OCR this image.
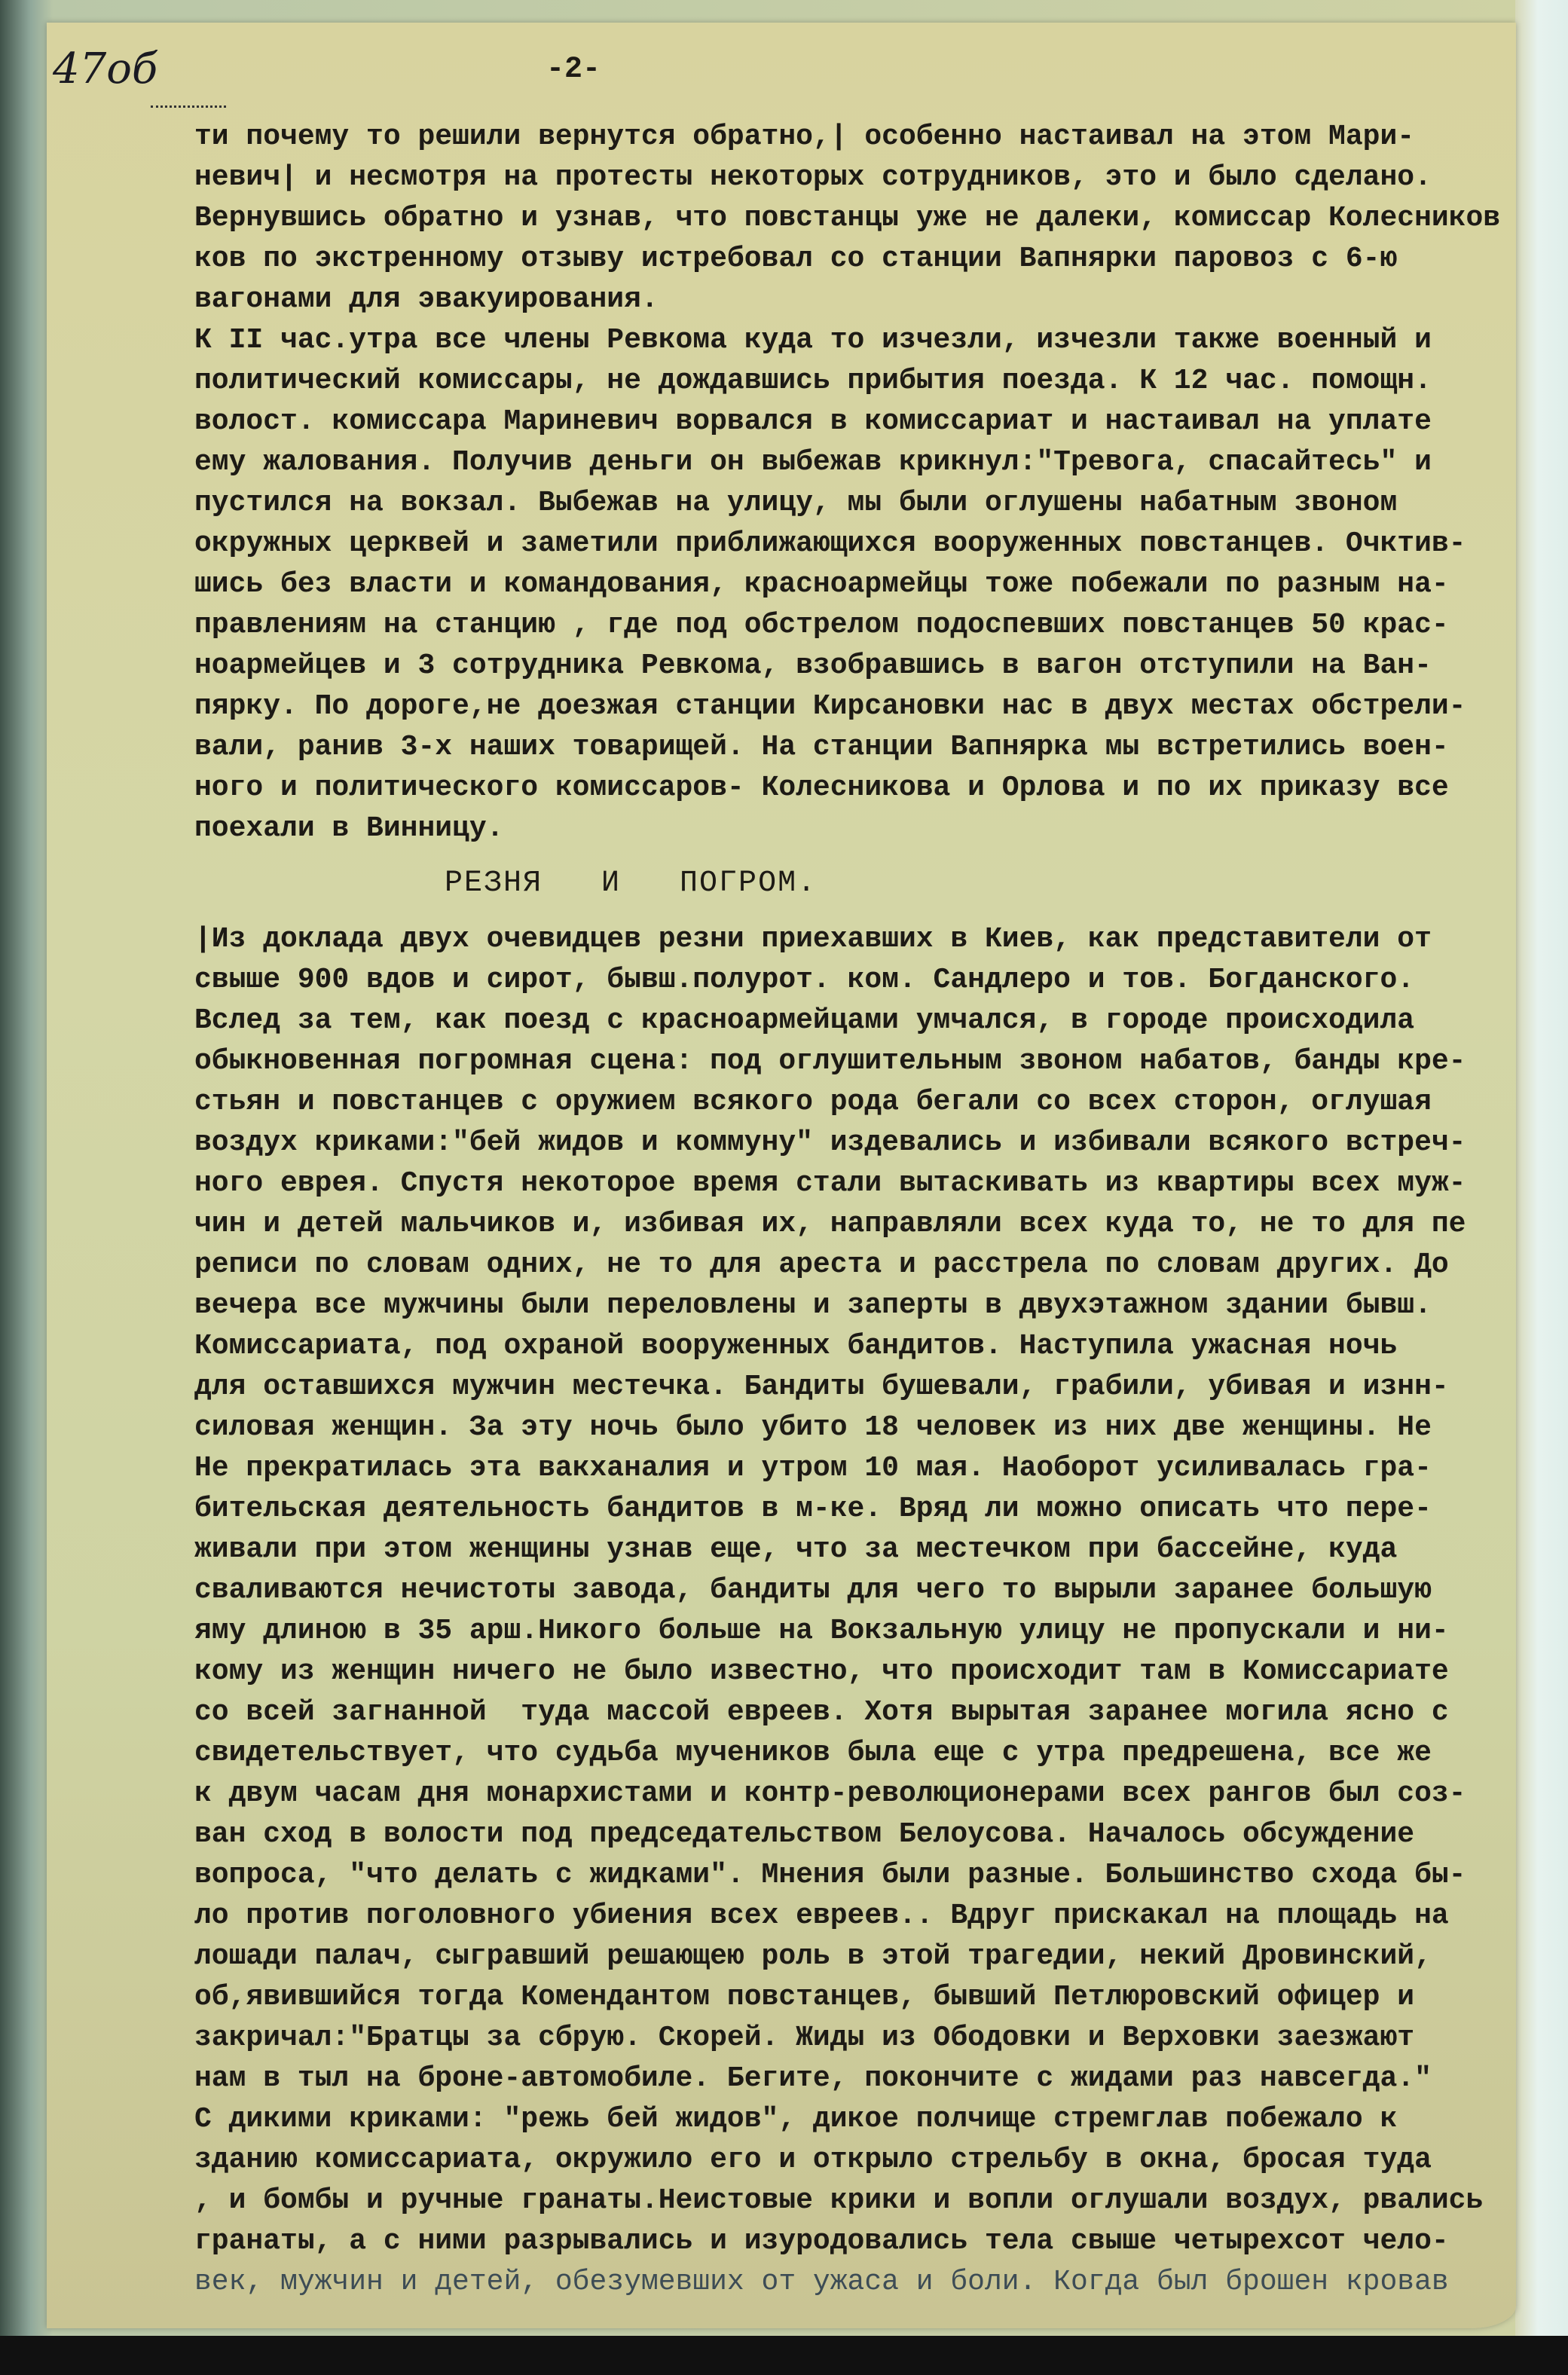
47об	-2-
РЕЗНЯ   И   ПОГРОМ.
ти почему то решили вернутся обратно,| особенно настаивал на этом Мари-
невич| и несмотря на протесты некоторых сотрудников, это и было сделано.
Вернувшись обратно и узнав, что повстанцы уже не далеки, комиссар Колесников
ков по экстренному отзыву истребовал со станции Вапнярки паровоз с 6-ю
вагонами для эвакуирования.
К II час.утра все члены Ревкома куда то изчезли, изчезли также военный и
политический комиссары, не дождавшись прибытия поезда. К 12 час. помощн.
волост. комиссара Мариневич ворвался в комиссариат и настаивал на уплате
ему жалования. Получив деньги он выбежав крикнул:"Тревога, спасайтесь" и
пустился на вокзал. Выбежав на улицу, мы были оглушены набатным звоном
окружных церквей и заметили приближающихся вооруженных повстанцев. Очктив-
шись без власти и командования, красноармейцы тоже побежали по разным на-
правлениям на станцию , где под обстрелом подоспевших повстанцев 50 крас-
ноармейцев и 3 сотрудника Ревкома, взобравшись в вагон отступили на Ван-
пярку. По дороге,не доезжая станции Кирсановки нас в двух местах обстрели-
вали, ранив 3-х наших товарищей. На станции Вапнярка мы встретились воен-
ного и политического комиссаров- Колесникова и Орлова и по их приказу все
поехали в Винницу.
|Из доклада двух очевидцев резни приехавших в Киев, как представители от
свыше 900 вдов и сирот, бывш.полурот. ком. Сандлеро и тов. Богданского.
Вслед за тем, как поезд с красноармейцами умчался, в городе происходила
обыкновенная погромная сцена: под оглушительным звоном набатов, банды кре-
стьян и повстанцев с оружием всякого рода бегали со всех сторон, оглушая
воздух криками:"бей жидов и коммуну" издевались и избивали всякого встреч-
ного еврея. Спустя некоторое время стали вытаскивать из квартиры всех муж-
чин и детей мальчиков и, избивая их, направляли всех куда то, не то для пе
реписи по словам одних, не то для ареста и расстрела по словам других. До
вечера все мужчины были переловлены и заперты в двухэтажном здании бывш.
Комиссариата, под охраной вооруженных бандитов. Наступила ужасная ночь
для оставшихся мужчин местечка. Бандиты бушевали, грабили, убивая и изнн-
силовая женщин. За эту ночь было убито 18 человек из них две женщины. Не
Не прекратилась эта вакханалия и утром 10 мая. Наоборот усиливалась гра-
бительская деятельность бандитов в м-ке. Вряд ли можно описать что пере-
живали при этом женщины узнав еще, что за местечком при бассейне, куда
сваливаются нечистоты завода, бандиты для чего то вырыли заранее большую
яму длиною в 35 арш.Никого больше на Вокзальную улицу не пропускали и ни-
кому из женщин ничего не было известно, что происходит там в Комиссариате
со всей загнанной  туда массой евреев. Хотя вырытая заранее могила ясно с
свидетельствует, что судьба мучеников была еще с утра предрешена, все же
к двум часам дня монархистами и контр-революционерами всех рангов был соз-
ван сход в волости под председательством Белоусова. Началось обсуждение
вопроса, "что делать с жидками". Мнения были разные. Большинство схода бы-
ло против поголовного убиения всех евреев.. Вдруг прискакал на площадь на
лошади палач, сыгравший решающею роль в этой трагедии, некий Дровинский,
об,явившийся тогда Комендантом повстанцев, бывший Петлюровский офицер и
закричал:"Братцы за сбрую. Скорей. Жиды из Ободовки и Верховки заезжают
нам в тыл на броне-автомобиле. Бегите, покончите с жидами раз навсегда."
С дикими криками: "режь бей жидов", дикое полчище стремглав побежало к
зданию комиссариата, окружило его и открыло стрельбу в окна, бросая туда
, и бомбы и ручные гранаты.Неистовые крики и вопли оглушали воздух, рвались
гранаты, а с ними разрывались и изуродовались тела свыше четырехсот чело-
век, мужчин и детей, обезумевших от ужаса и боли. Когда был брошен кровав
